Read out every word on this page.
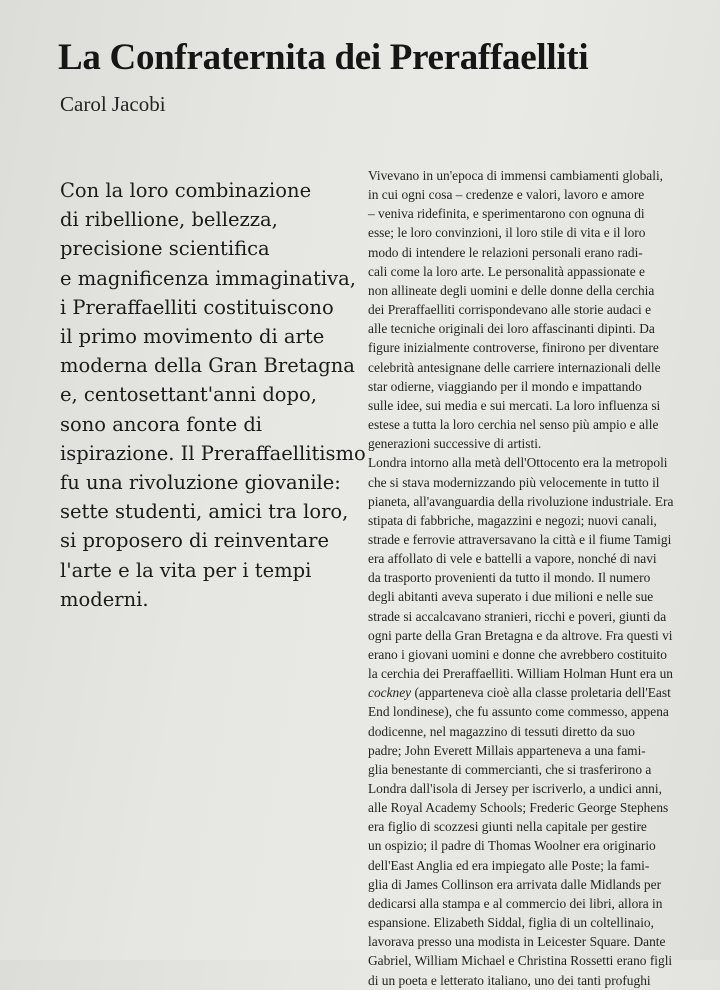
La Confraternita dei Preraffaelliti
Carol Jacobi
Con la loro combinazione
di ribellione, bellezza,
precisione scientifica
e magnificenza immaginativa,
i Preraffaelliti costituiscono
il primo movimento di arte
moderna della Gran Bretagna
e, centosettant'anni dopo,
sono ancora fonte di
ispirazione. Il Preraffaellitismo
fu una rivoluzione giovanile:
sette studenti, amici tra loro,
si proposero di reinventare
l'arte e la vita per i tempi
moderni.
Vivevano in un'epoca di immensi cambiamenti globali,
in cui ogni cosa – credenze e valori, lavoro e amore
– veniva ridefinita, e sperimentarono con ognuna di
esse; le loro convinzioni, il loro stile di vita e il loro
modo di intendere le relazioni personali erano radi-
cali come la loro arte. Le personalità appassionate e
non allineate degli uomini e delle donne della cerchia
dei Preraffaelliti corrispondevano alle storie audaci e
alle tecniche originali dei loro affascinanti dipinti. Da
figure inizialmente controverse, finirono per diventare
celebrità antesignane delle carriere internazionali delle
star odierne, viaggiando per il mondo e impattando
sulle idee, sui media e sui mercati. La loro influenza si
estese a tutta la loro cerchia nel senso più ampio e alle
generazioni successive di artisti.
Londra intorno alla metà dell'Ottocento era la metropoli
che si stava modernizzando più velocemente in tutto il
pianeta, all'avanguardia della rivoluzione industriale. Era
stipata di fabbriche, magazzini e negozi; nuovi canali,
strade e ferrovie attraversavano la città e il fiume Tamigi
era affollato di vele e battelli a vapore, nonché di navi
da trasporto provenienti da tutto il mondo. Il numero
degli abitanti aveva superato i due milioni e nelle sue
strade si accalcavano stranieri, ricchi e poveri, giunti da
ogni parte della Gran Bretagna e da altrove. Fra questi vi
erano i giovani uomini e donne che avrebbero costituito
la cerchia dei Preraffaelliti. William Holman Hunt era un
cockney (appartenevа cioè alla classe proletaria dell'East
End londinese), che fu assunto come commesso, appena
dodicenne, nel magazzino di tessuti diretto da suo
padre; John Everett Millais apparteneva a una fami-
glia benestante di commercianti, che si trasferirono a
Londra dall'isola di Jersey per iscriverlo, a undici anni,
alle Royal Academy Schools; Frederic George Stephens
era figlio di scozzesi giunti nella capitale per gestire
un ospizio; il padre di Thomas Woolner era originario
dell'East Anglia ed era impiegato alle Poste; la fami-
glia di James Collinson era arrivata dalle Midlands per
dedicarsi alla stampa e al commercio dei libri, allora in
espansione. Elizabeth Siddal, figlia di un coltellinaio,
lavorava presso una modista in Leicester Square. Dante
Gabriel, William Michael e Christina Rossetti erano figli
di un poeta e letterato italiano, uno dei tanti profughi
